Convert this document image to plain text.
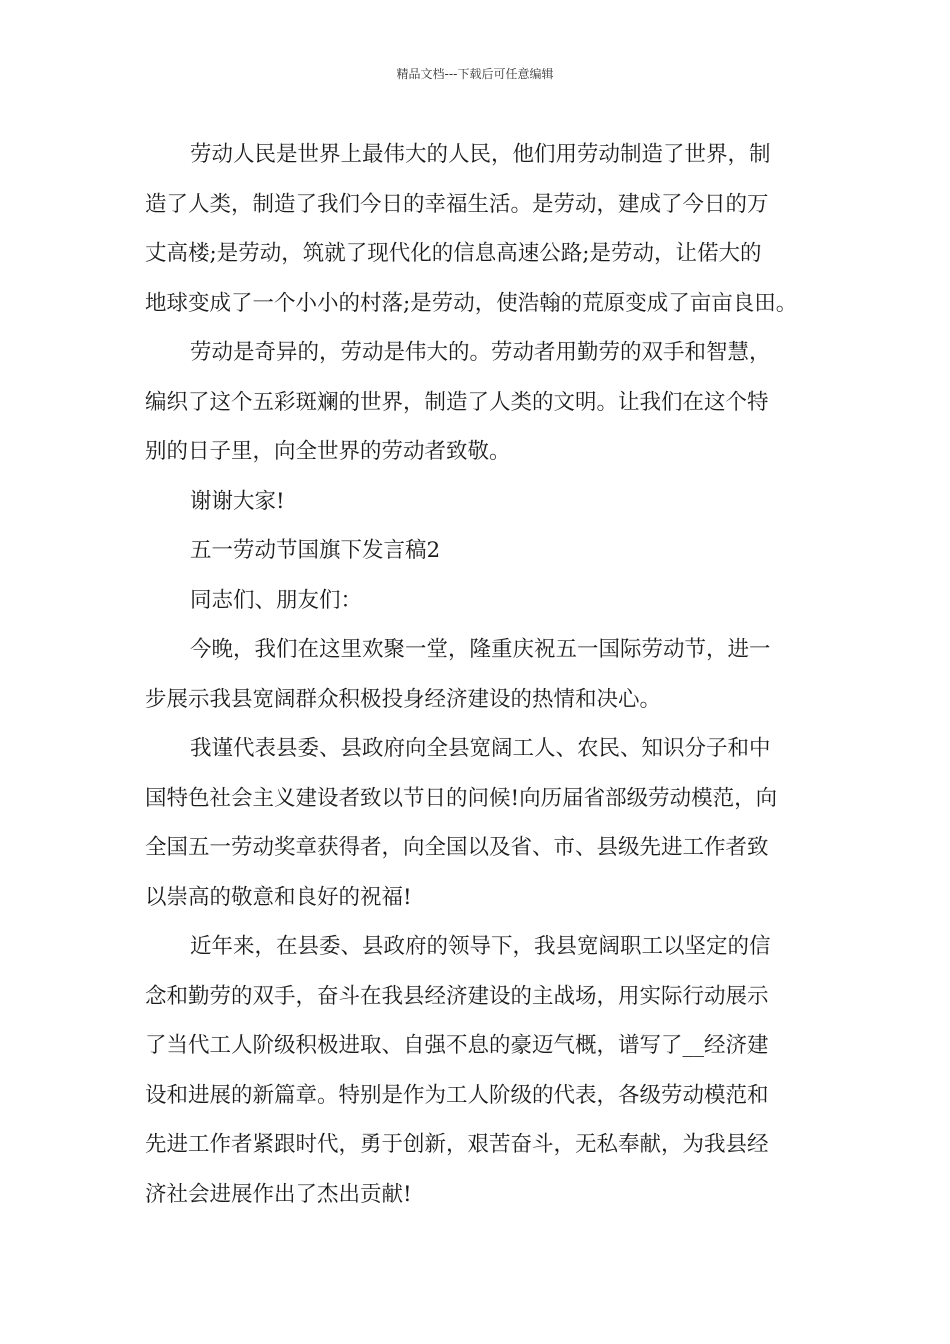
精品文档---下载后可任意编辑

劳动人民是世界上最伟大的人民，他们用劳动制造了世界，制
造了人类，制造了我们今日的幸福生活。是劳动，建成了今日的万
丈高楼;是劳动，筑就了现代化的信息高速公路;是劳动，让偌大的
地球变成了一个小小的村落;是劳动，使浩翰的荒原变成了亩亩良田。

劳动是奇异的，劳动是伟大的。劳动者用勤劳的双手和智慧，
编织了这个五彩斑斓的世界，制造了人类的文明。让我们在这个特
别的日子里，向全世界的劳动者致敬。

谢谢大家!

五一劳动节国旗下发言稿2

同志们、朋友们：

今晚，我们在这里欢聚一堂，隆重庆祝五一国际劳动节，进一
步展示我县宽阔群众积极投身经济建设的热情和决心。

我谨代表县委、县政府向全县宽阔工人、农民、知识分子和中
国特色社会主义建设者致以节日的问候!向历届省部级劳动模范，向
全国五一劳动奖章获得者，向全国以及省、市、县级先进工作者致
以崇高的敬意和良好的祝福!

近年来，在县委、县政府的领导下，我县宽阔职工以坚定的信
念和勤劳的双手，奋斗在我县经济建设的主战场，用实际行动展示
了当代工人阶级积极进取、自强不息的豪迈气概，谱写了__经济建
设和进展的新篇章。特别是作为工人阶级的代表，各级劳动模范和
先进工作者紧跟时代，勇于创新，艰苦奋斗，无私奉献，为我县经
济社会进展作出了杰出贡献!
